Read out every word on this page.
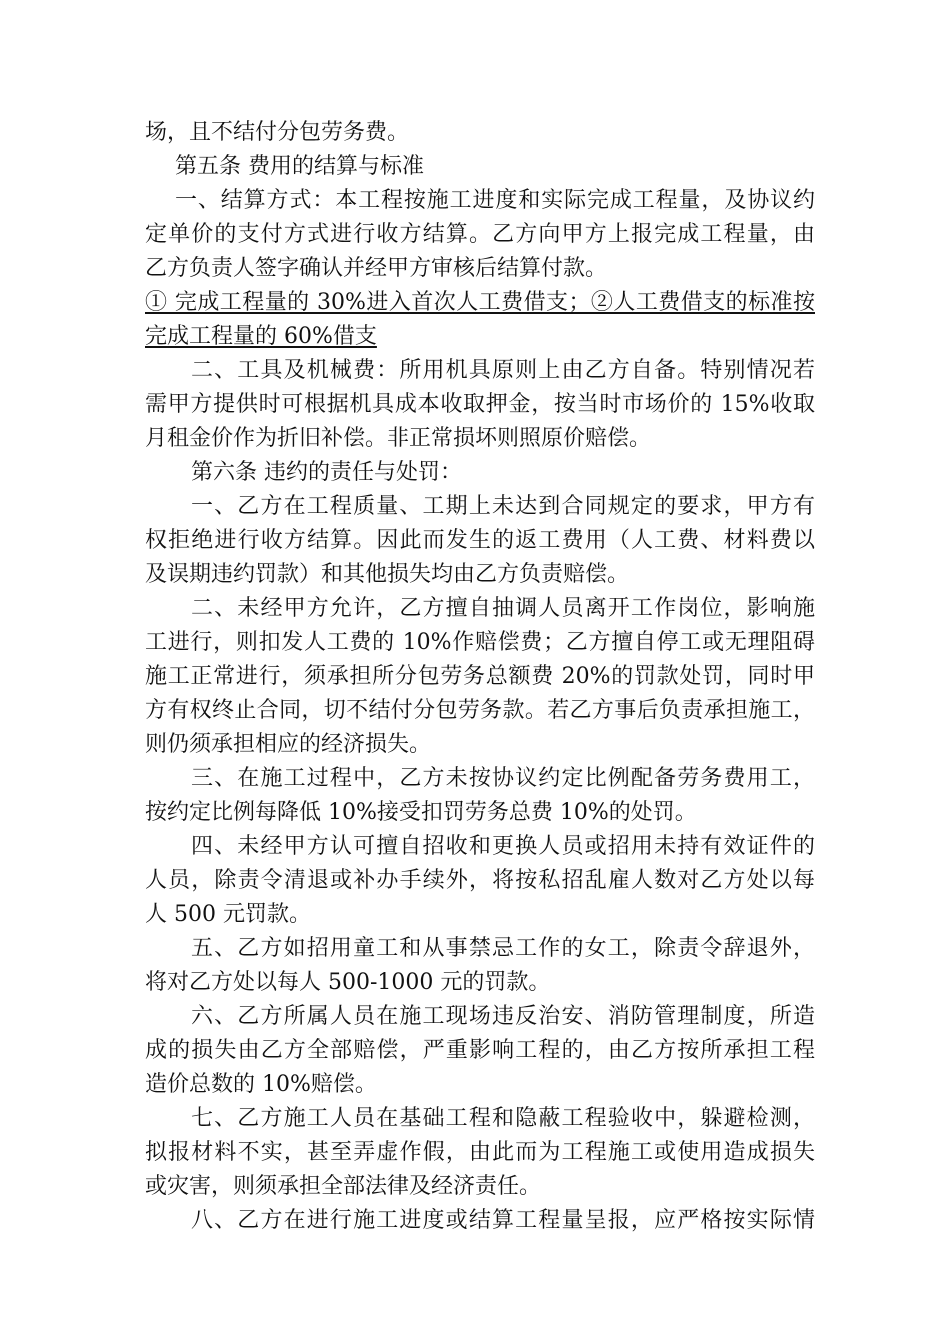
场，且不结付分包劳务费。
第五条 费用的结算与标准
一、结算方式：本工程按施工进度和实际完成工程量，及协议约
定单价的支付方式进行收方结算。乙方向甲方上报完成工程量，由
乙方负责人签字确认并经甲方审核后结算付款。
① 完成工程量的 30%进入首次人工费借支；②人工费借支的标准按
完成工程量的 60%借支
二、工具及机械费：所用机具原则上由乙方自备。特别情况若
需甲方提供时可根据机具成本收取押金，按当时市场价的 15%收取
月租金价作为折旧补偿。非正常损坏则照原价赔偿。
第六条 违约的责任与处罚：
一、乙方在工程质量、工期上未达到合同规定的要求，甲方有
权拒绝进行收方结算。因此而发生的返工费用（人工费、材料费以
及误期违约罚款）和其他损失均由乙方负责赔偿。
二、未经甲方允许，乙方擅自抽调人员离开工作岗位，影响施
工进行，则扣发人工费的 10%作赔偿费；乙方擅自停工或无理阻碍
施工正常进行，须承担所分包劳务总额费 20%的罚款处罚，同时甲
方有权终止合同，切不结付分包劳务款。若乙方事后负责承担施工，
则仍须承担相应的经济损失。
三、在施工过程中，乙方未按协议约定比例配备劳务费用工，
按约定比例每降低 10%接受扣罚劳务总费 10%的处罚。
四、未经甲方认可擅自招收和更换人员或招用未持有效证件的
人员，除责令清退或补办手续外，将按私招乱雇人数对乙方处以每
人 500 元罚款。
五、乙方如招用童工和从事禁忌工作的女工，除责令辞退外，
将对乙方处以每人 500-1000 元的罚款。
六、乙方所属人员在施工现场违反治安、消防管理制度，所造
成的损失由乙方全部赔偿，严重影响工程的，由乙方按所承担工程
造价总数的 10%赔偿。
七、乙方施工人员在基础工程和隐蔽工程验收中，躲避检测，
拟报材料不实，甚至弄虚作假，由此而为工程施工或使用造成损失
或灾害，则须承担全部法律及经济责任。
八、乙方在进行施工进度或结算工程量呈报，应严格按实际情
